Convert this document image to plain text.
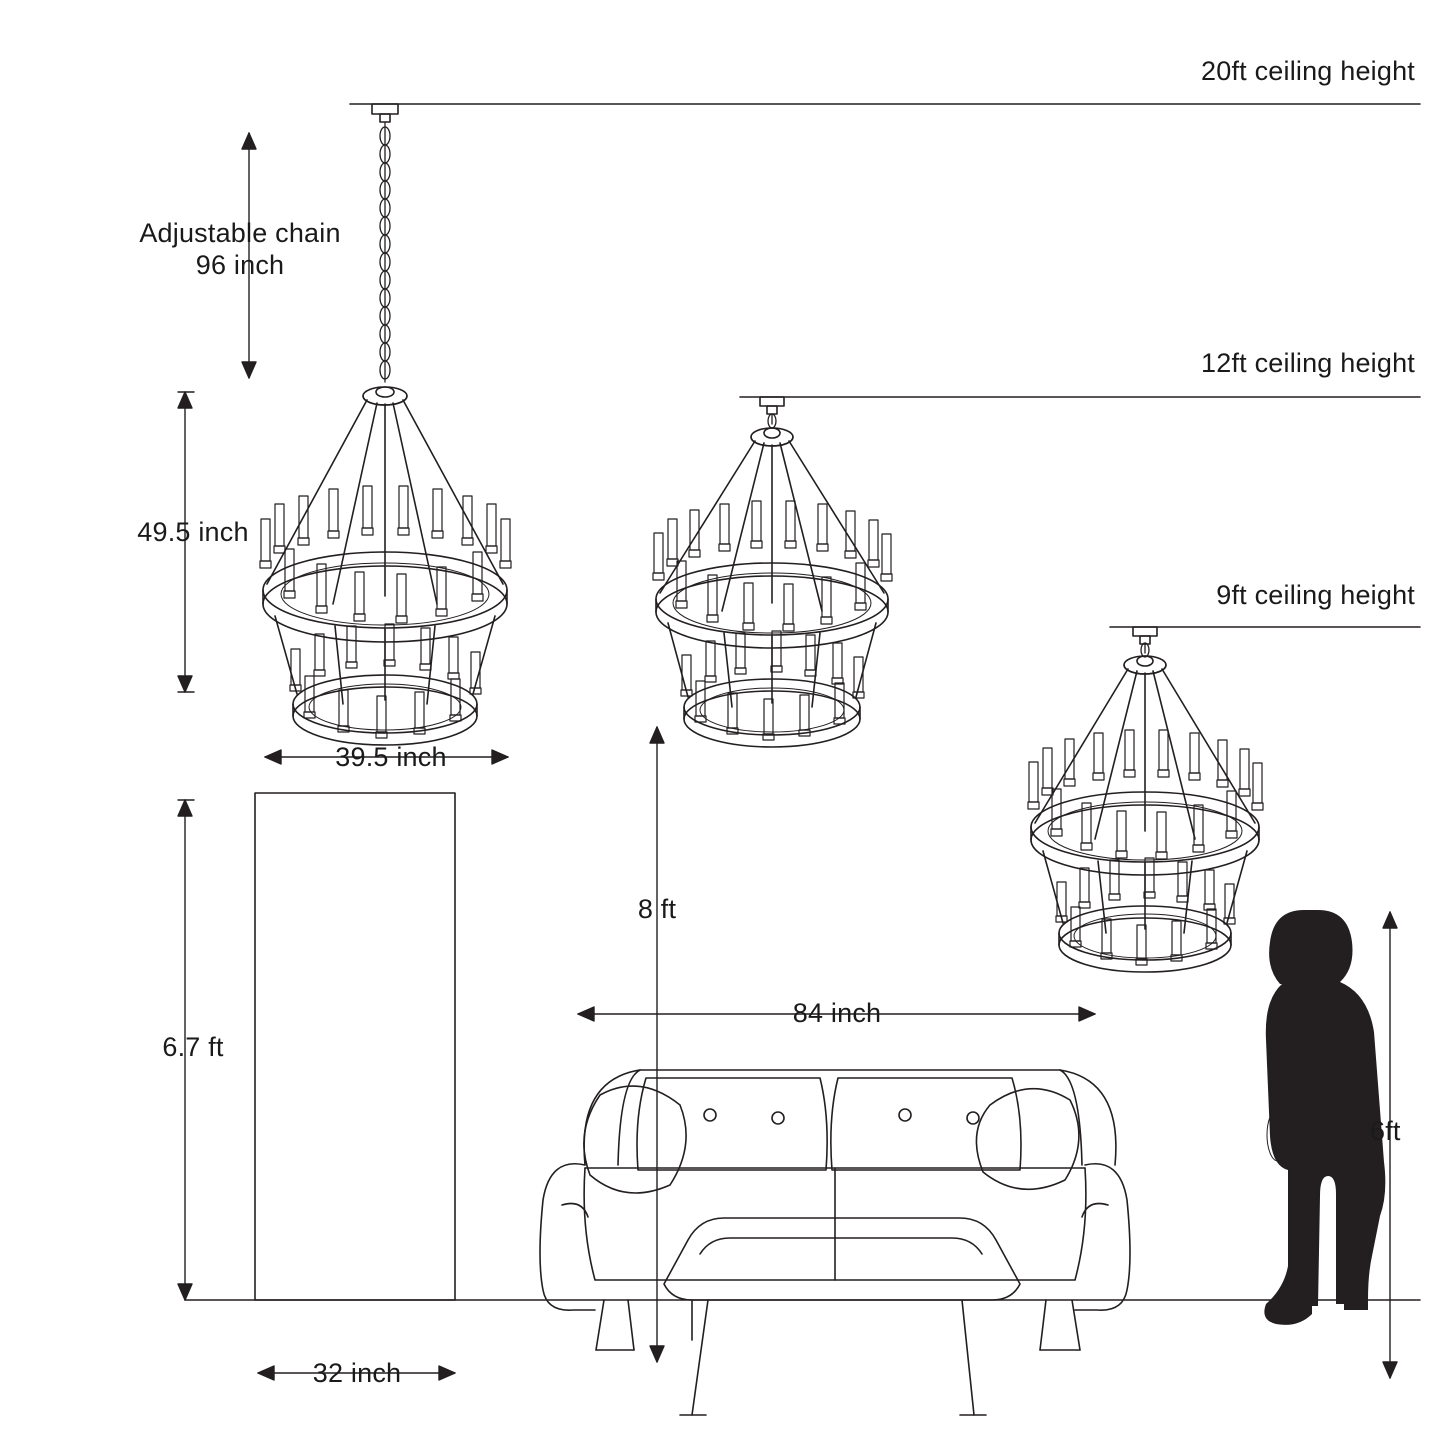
20ft ceiling height
12ft ceiling height
9ft ceiling height
Adjustable chain
96 inch
49.5 inch
39.5 inch
8 ft
84 inch
6.7 ft
32 inch
6ft
